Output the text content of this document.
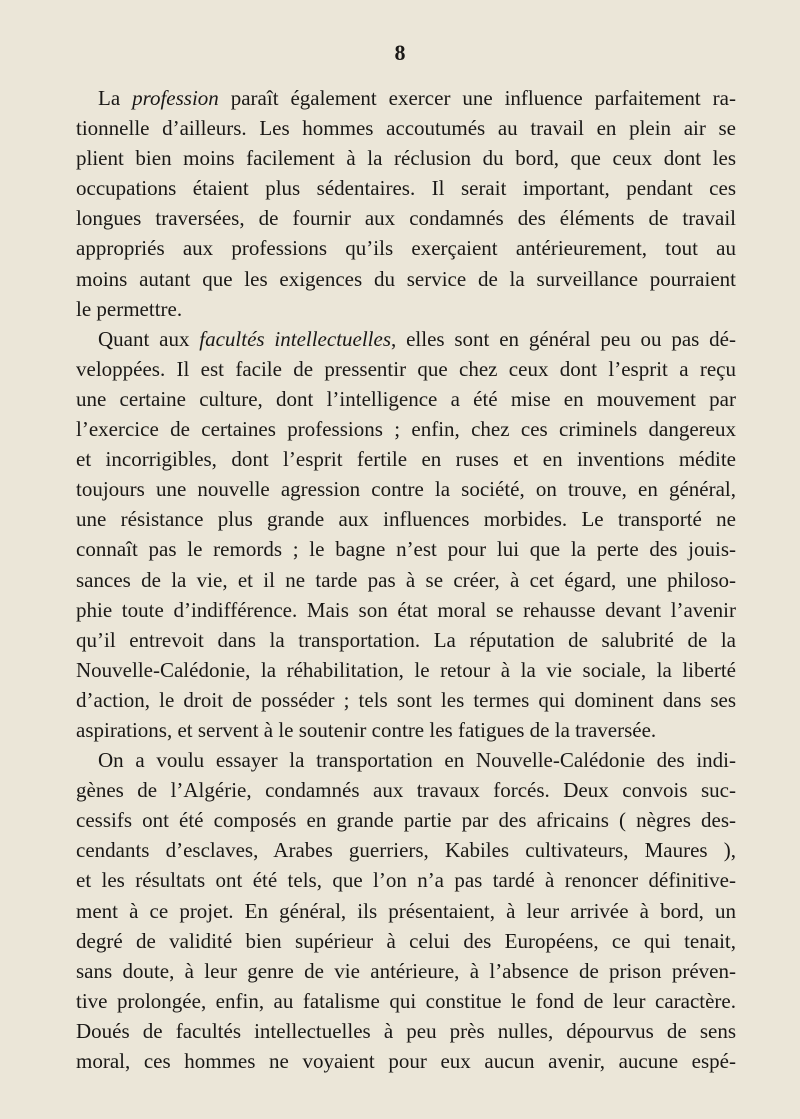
8
La profession paraît également exercer une influence parfaitement ra-
tionnelle d’ailleurs. Les hommes accoutumés au travail en plein air se
plient bien moins facilement à la réclusion du bord, que ceux dont les
occupations étaient plus sédentaires. Il serait important, pendant ces
longues traversées, de fournir aux condamnés des éléments de travail
appropriés aux professions qu’ils exerçaient antérieurement, tout au
moins autant que les exigences du service de la surveillance pourraient
le permettre.
Quant aux facultés intellectuelles, elles sont en général peu ou pas dé-
veloppées. Il est facile de pressentir que chez ceux dont l’esprit a reçu
une certaine culture, dont l’intelligence a été mise en mouvement par
l’exercice de certaines professions ; enfin, chez ces criminels dangereux
et incorrigibles, dont l’esprit fertile en ruses et en inventions médite
toujours une nouvelle agression contre la société, on trouve, en général,
une résistance plus grande aux influences morbides. Le transporté ne
connaît pas le remords ; le bagne n’est pour lui que la perte des jouis-
sances de la vie, et il ne tarde pas à se créer, à cet égard, une philoso-
phie toute d’indifférence. Mais son état moral se rehausse devant l’avenir
qu’il entrevoit dans la transportation. La réputation de salubrité de la
Nouvelle-Calédonie, la réhabilitation, le retour à la vie sociale, la liberté
d’action, le droit de posséder ; tels sont les termes qui dominent dans ses
aspirations, et servent à le soutenir contre les fatigues de la traversée.
On a voulu essayer la transportation en Nouvelle-Calédonie des indi-
gènes de l’Algérie, condamnés aux travaux forcés. Deux convois suc-
cessifs ont été composés en grande partie par des africains ( nègres des-
cendants d’esclaves, Arabes guerriers, Kabiles cultivateurs, Maures ),
et les résultats ont été tels, que l’on n’a pas tardé à renoncer définitive-
ment à ce projet. En général, ils présentaient, à leur arrivée à bord, un
degré de validité bien supérieur à celui des Européens, ce qui tenait,
sans doute, à leur genre de vie antérieure, à l’absence de prison préven-
tive prolongée, enfin, au fatalisme qui constitue le fond de leur caractère.
Doués de facultés intellectuelles à peu près nulles, dépourvus de sens
moral, ces hommes ne voyaient pour eux aucun avenir, aucune espé-
